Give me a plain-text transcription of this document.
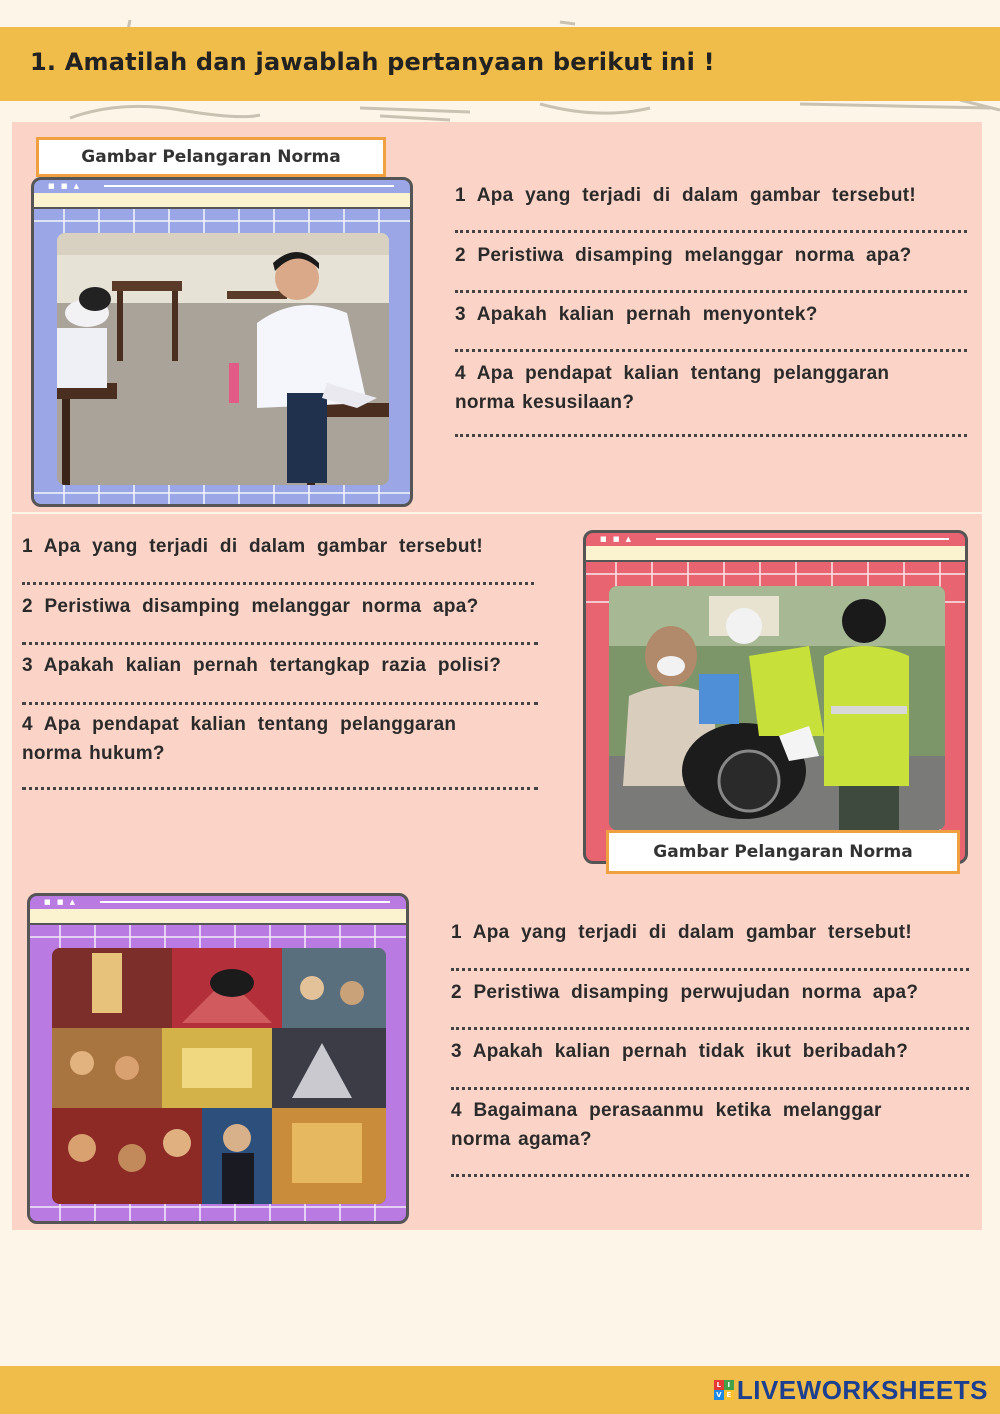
1. Amatilah dan jawablah pertanyaan berikut ini !
Gambar Pelangaran Norma
■ ■ ▲	1 Apa yang terjadi di dalam gambar tersebut!
2 Peristiwa disamping melanggar norma apa?
3 Apakah kalian pernah menyontek?
4 Apa pendapat kalian tentang pelanggaran
norma kesusilaan?
1 Apa yang terjadi di dalam gambar tersebut!
2 Peristiwa disamping melanggar norma apa?
3 Apakah kalian pernah tertangkap razia polisi?
4 Apa pendapat kalian tentang pelanggaran
norma hukum?
■ ■ ▲
Gambar Pelangaran Norma
■ ■ ▲
1 Apa yang terjadi di dalam gambar tersebut!
2 Peristiwa disamping perwujudan norma apa?
3 Apakah kalian pernah tidak ikut beribadah?
4 Bagaimana perasaanmu ketika melanggar
norma agama?
L I
V E LIVEWORKSHEETS
